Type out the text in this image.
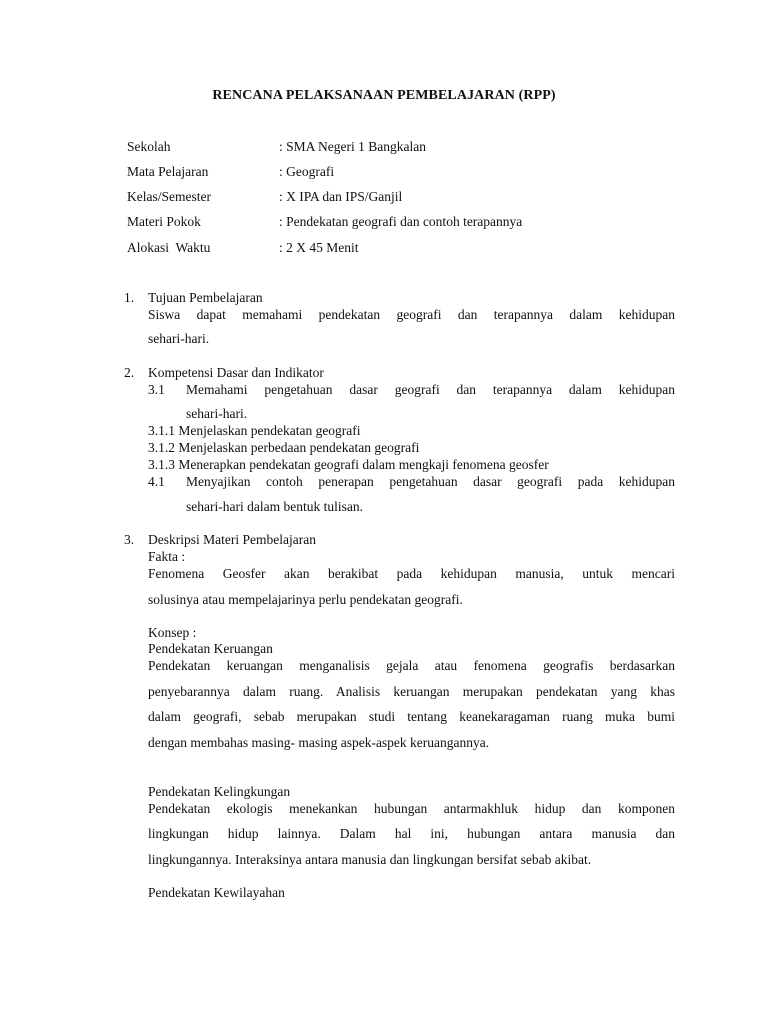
RENCANA PELAKSANAAN PEMBELAJARAN (RPP)
Sekolah	: SMA Negeri 1 Bangkalan
Mata Pelajaran	: Geografi
Kelas/Semester	: X IPA dan IPS/Ganjil
Materi Pokok	: Pendekatan geografi dan contoh terapannya
Alokasi  Waktu	: 2 X 45 Menit
1. Tujuan Pembelajaran
Siswa dapat memahami pendekatan geografi dan terapannya dalam kehidupan
sehari-hari.
2. Kompetensi Dasar dan Indikator
3.1 Memahami pengetahuan dasar geografi dan terapannya dalam kehidupan
sehari-hari.
3.1.1 Menjelaskan pendekatan geografi
3.1.2 Menjelaskan perbedaan pendekatan geografi
3.1.3 Menerapkan pendekatan geografi dalam mengkaji fenomena geosfer
4.1 Menyajikan contoh penerapan pengetahuan dasar geografi pada kehidupan
sehari-hari dalam bentuk tulisan.
3. Deskripsi Materi Pembelajaran
Fakta :
Fenomena Geosfer akan berakibat pada kehidupan manusia, untuk mencari
solusinya atau mempelajarinya perlu pendekatan geografi.
Konsep :
Pendekatan Keruangan
Pendekatan keruangan menganalisis gejala atau fenomena geografis berdasarkan
penyebarannya dalam ruang. Analisis keruangan merupakan pendekatan yang khas
dalam geografi, sebab merupakan studi tentang keanekaragaman ruang muka bumi
dengan membahas masing- masing aspek-aspek keruangannya.
Pendekatan Kelingkungan
Pendekatan ekologis menekankan hubungan antarmakhluk hidup dan komponen
lingkungan hidup lainnya. Dalam hal ini, hubungan antara manusia dan
lingkungannya. Interaksinya antara manusia dan lingkungan bersifat sebab akibat.
Pendekatan Kewilayahan
